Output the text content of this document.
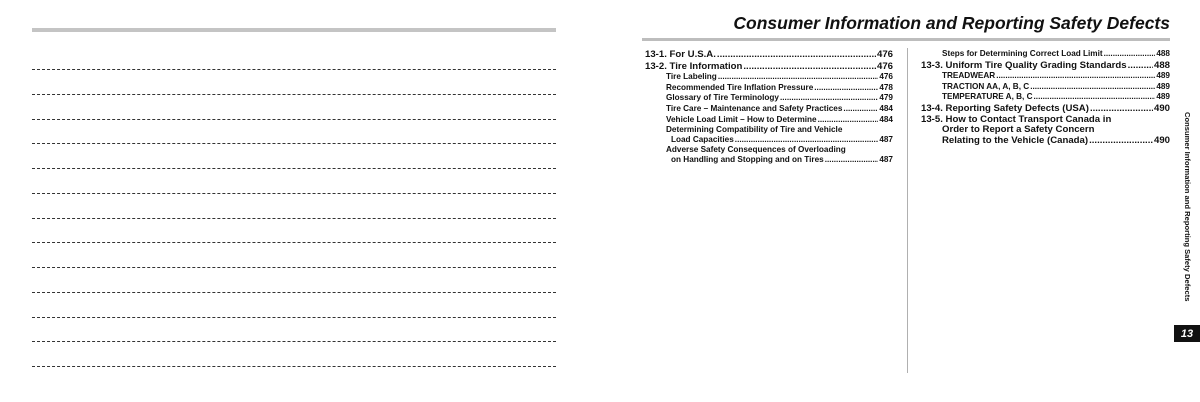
Consumer Information and Reporting Safety Defects
13-1. For U.S.A. .....	476
13-2. Tire Information .....	476
Tire Labeling .....	476
Recommended Tire Inflation Pressure .....	478
Glossary of Tire Terminology .....	479
Tire Care – Maintenance and Safety Practices .....	484
Vehicle Load Limit – How to Determine .....	484
Determining Compatibility of Tire and Vehicle
Load Capacities .....	487
Adverse Safety Consequences of Overloading
on Handling and Stopping and on Tires .....	487
Steps for Determining Correct Load Limit .....	488
13-3. Uniform Tire Quality Grading Standards .....	488
TREADWEAR .....	489
TRACTION AA, A, B, C .....	489
TEMPERATURE A, B, C .....	489
13-4. Reporting Safety Defects (USA) .....	490
13-5. How to Contact Transport Canada in
Order to Report a Safety Concern
Relating to the Vehicle (Canada) .....	490	Consumer Information and Reporting Safety Defects
13
